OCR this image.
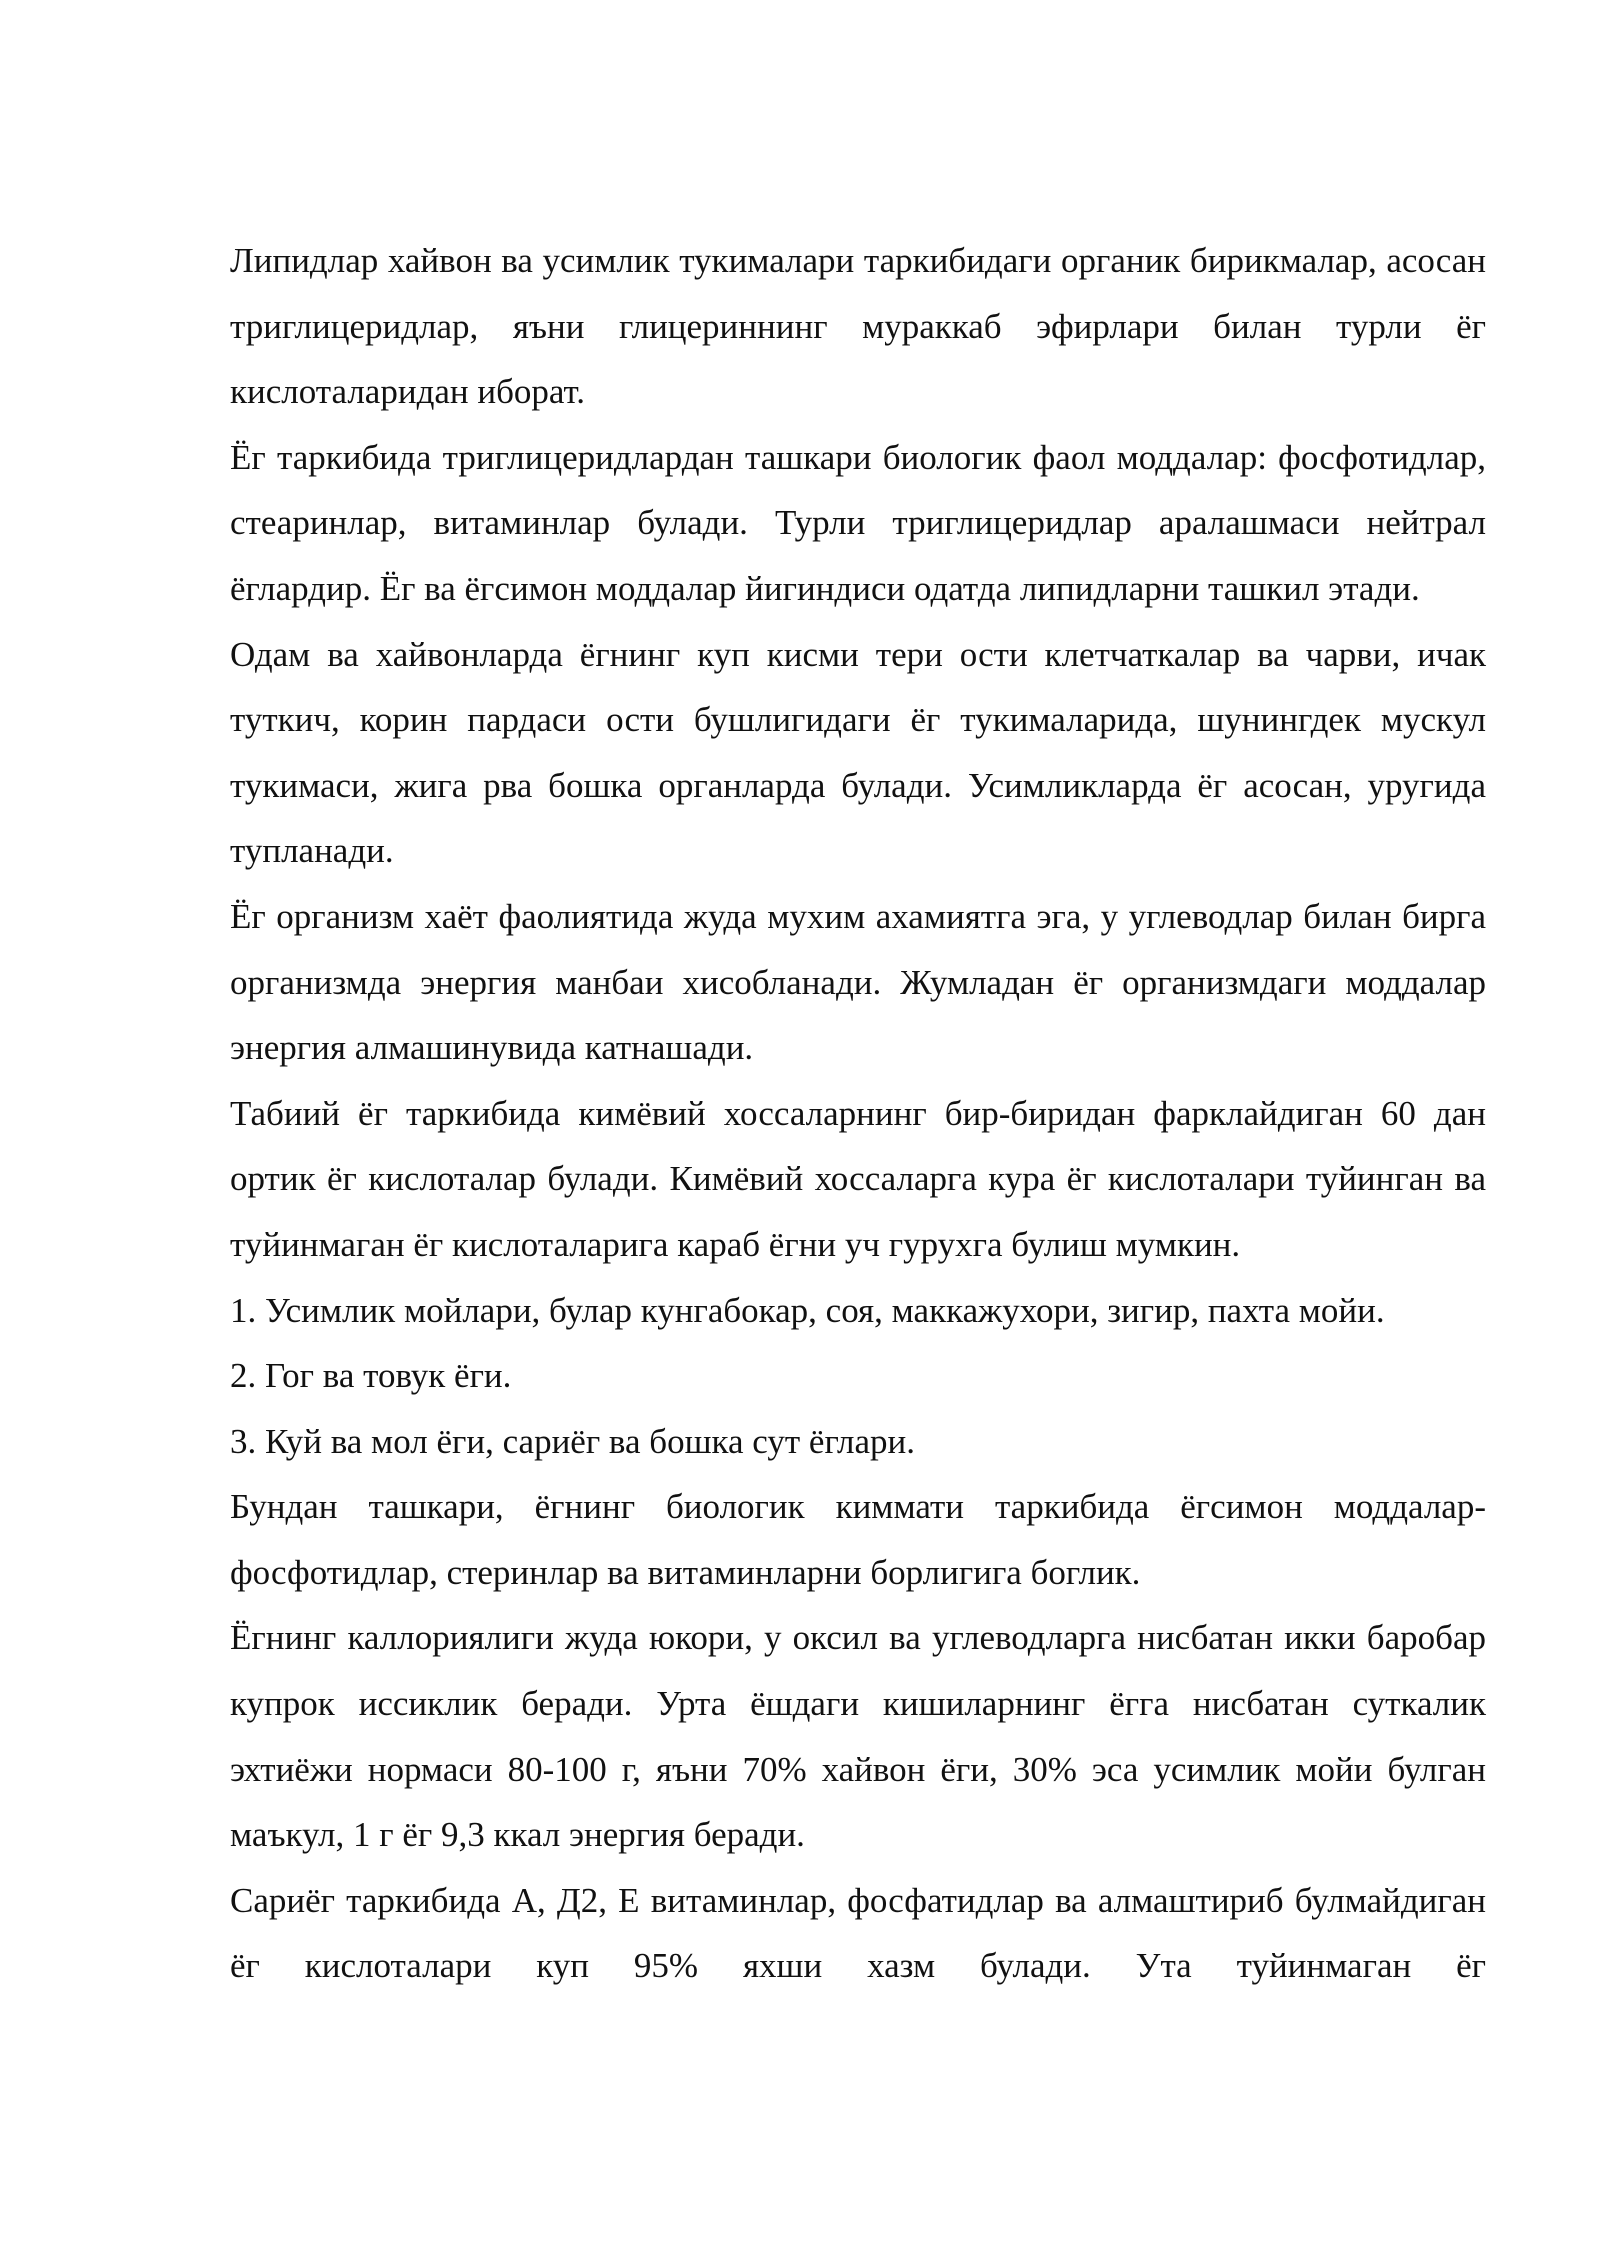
Липидлар хайвон ва усимлик тукималари таркибидаги органик бирикмалар, асосан триглицеридлар, яъни глицериннинг мураккаб эфирлари билан турли ёг кислоталаридан иборат.

Ёг таркибида триглицеридлардан ташкари биологик фаол моддалар: фосфотидлар, стеаринлар, витаминлар булади. Турли триглицеридлар аралашмаси нейтрал ёглардир. Ёг ва ёгсимон моддалар йигиндиси одатда липидларни ташкил этади.

Одам ва хайвонларда ёгнинг куп кисми тери ости клетчаткалар ва чарви, ичак туткич, корин пардаси ости бушлигидаги ёг тукималарида, шунингдек мускул тукимаси, жига рва бошка органларда булади. Усимликларда ёг асосан, уругида тупланади.

Ёг организм хаёт фаолиятида жуда мухим ахамиятга эга, у углеводлар билан бирга организмда энергия манбаи хисобланади. Жумладан ёг организмдаги моддалар энергия алмашинувида катнашади.

Табиий ёг таркибида кимёвий хоссаларнинг бир-биридан фарклайдиган 60 дан ортик ёг кислоталар булади. Кимёвий хоссаларга кура ёг кислоталари туйинган ва туйинмаган ёг кислоталарига караб ёгни уч гурухга булиш мумкин.

1. Усимлик мойлари, булар кунгабокар, соя, маккажухори, зигир, пахта мойи.

2. Гог ва товук ёги.

3. Куй ва мол ёги, сариёг ва бошка сут ёглари.

Бундан ташкари, ёгнинг биологик киммати таркибида ёгсимон моддалар-фосфотидлар, стеринлар ва витаминларни борлигига боглик.

Ёгнинг каллориялиги жуда юкори, у оксил ва углеводларга нисбатан икки баробар купрок иссиклик беради. Урта ёшдаги кишиларнинг ёгга нисбатан суткалик эхтиёжи нормаси 80-100 г, яъни 70% хайвон ёги, 30% эса усимлик мойи булган маъкул, 1 г ёг 9,3 ккал энергия беради.

Сариёг таркибида А, Д2, Е витаминлар, фосфатидлар ва алмаштириб булмайдиган ёг кислоталари куп 95% яхши хазм булади. Ута туйинмаган ёг
